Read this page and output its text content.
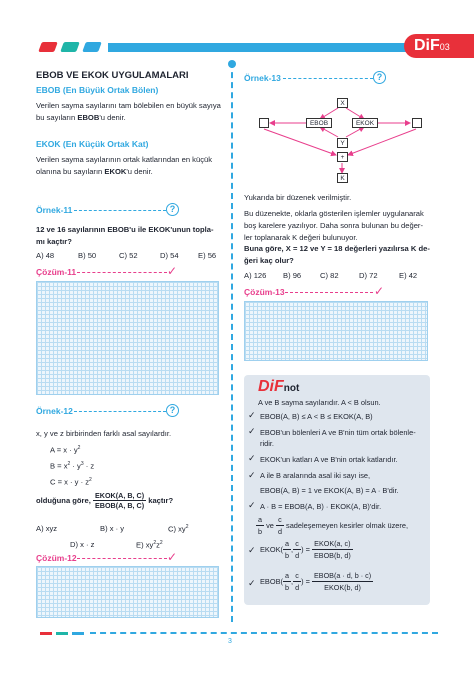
DiF03
EBOB VE EKOK UYGULAMALARI
EBOB (En Büyük Ortak Bölen)
Verilen sayma sayılarını tam bölebilen en büyük sayıya
bu sayıların EBOB'u denir.
EKOK (En Küçük Ortak Kat)
Verilen sayma sayılarının ortak katlarından en küçük
olanına bu sayıların EKOK'u denir.
Örnek-11	?
12 ve 16 sayılarının EBOB'u ile EKOK'unun topla-
mı kaçtır?
A) 48	B) 50	C) 52	D) 54	E) 56
Çözüm-11	✓
Örnek-12	?
x, y ve z birbirinden farklı asal sayılardır.
$A = x \cdot y^2$
$B = x^2 \cdot y^3 \cdot z$
$C = x \cdot y \cdot z^2$
olduğuna göre, $\frac{\text{EKOK(A, B, C)}}{\text{EBOB(A, B, C)}}$ kaçtır?
A) xyz	B) x · y	C) $xy^2$
D) x · z	E) $xy^2z^2$
Çözüm-12	✓
Örnek-13	?
X
EBOB	EKOK
Y
+
K
Yukarıda bir düzenek verilmiştir.
Bu düzenekte, oklarla gösterilen işlemler uygulanarak
boş karelere yazılıyor. Daha sonra bulunan bu değer-
ler toplanarak K değeri bulunuyor.
Buna göre, X = 12 ve Y = 18 değerleri yazılırsa K de-
ğeri kaç olur?
A) 126 B) 96 C) 82	D) 72	E) 42
Çözüm-13	✓
DiFnot
A ve B sayma sayılarıdır. A < B olsun.
✓ EBOB(A, B) ≤ A < B ≤ EKOK(A, B)
✓ EBOB'un bölenleri A ve B'nin tüm ortak bölenle-
ridir.
✓ EKOK'un katları A ve B'nin ortak katlarıdır.
✓ A ile B aralarında asal iki sayı ise,
EBOB(A, B) = 1 ve EKOK(A, B) = A · B'dir.
✓ A · B = EBOB(A, B) · EKOK(A, B)'dir.
$\frac{a}{b}$ ve $\frac{c}{d}$ sadeleşemeyen kesirler olmak üzere,
✓ EKOK( $\frac{a}{b}$ , $\frac{c}{d}$ ) = $\frac{\text{EKOK(a, c)}}{\text{EBOB(b, d)}}$
✓ EBOB( $\frac{a}{b}$ , $\frac{c}{d}$ ) = $\frac{\text{EBOB(a · d, b · c)}}{\text{EKOK(b, d)}}$
3
